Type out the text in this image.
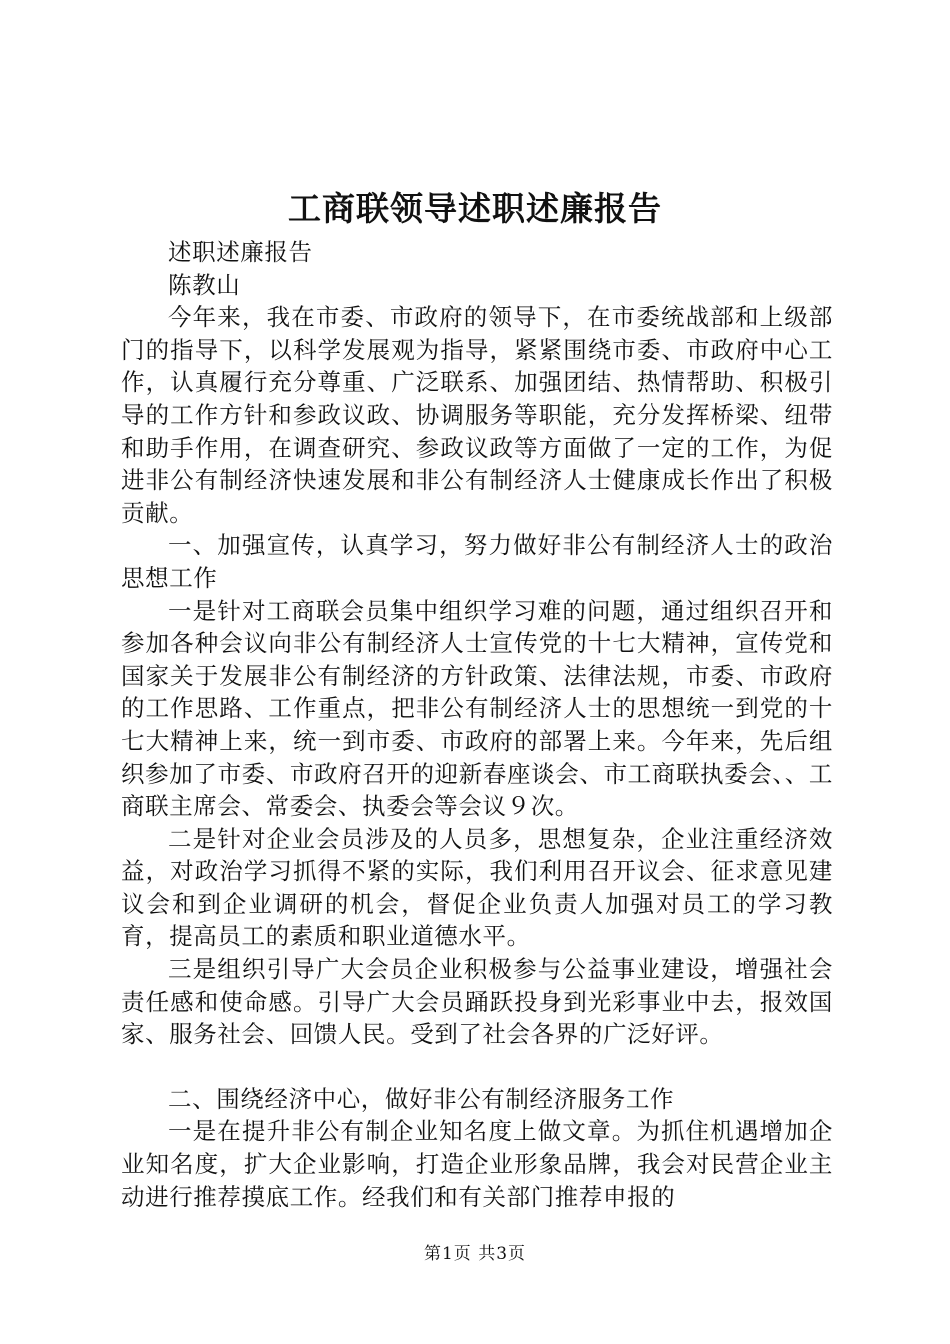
工商联领导述职述廉报告

述职述廉报告

陈教山

今年来，我在市委、市政府的领导下，在市委统战部和上级部门的指导下，以科学发展观为指导，紧紧围绕市委、市政府中心工作，认真履行充分尊重、广泛联系、加强团结、热情帮助、积极引导的工作方针和参政议政、协调服务等职能，充分发挥桥梁、纽带和助手作用，在调查研究、参政议政等方面做了一定的工作，为促进非公有制经济快速发展和非公有制经济人士健康成长作出了积极贡献。

一、加强宣传，认真学习，努力做好非公有制经济人士的政治思想工作

一是针对工商联会员集中组织学习难的问题，通过组织召开和参加各种会议向非公有制经济人士宣传党的十七大精神，宣传党和国家关于发展非公有制经济的方针政策、法律法规，市委、市政府的工作思路、工作重点，把非公有制经济人士的思想统一到党的十七大精神上来，统一到市委、市政府的部署上来。今年来，先后组织参加了市委、市政府召开的迎新春座谈会、市工商联执委会、、工商联主席会、常委会、执委会等会议９次。

二是针对企业会员涉及的人员多，思想复杂，企业注重经济效益，对政治学习抓得不紧的实际，我们利用召开议会、征求意见建议会和到企业调研的机会，督促企业负责人加强对员工的学习教育，提高员工的素质和职业道德水平。

三是组织引导广大会员企业积极参与公益事业建设，增强社会责任感和使命感。引导广大会员踊跃投身到光彩事业中去，报效国家、服务社会、回馈人民。受到了社会各界的广泛好评。

二、围绕经济中心，做好非公有制经济服务工作

一是在提升非公有制企业知名度上做文章。为抓住机遇增加企业知名度，扩大企业影响，打造企业形象品牌，我会对民营企业主动进行推荐摸底工作。经我们和有关部门推荐申报的

第1页 共3页
